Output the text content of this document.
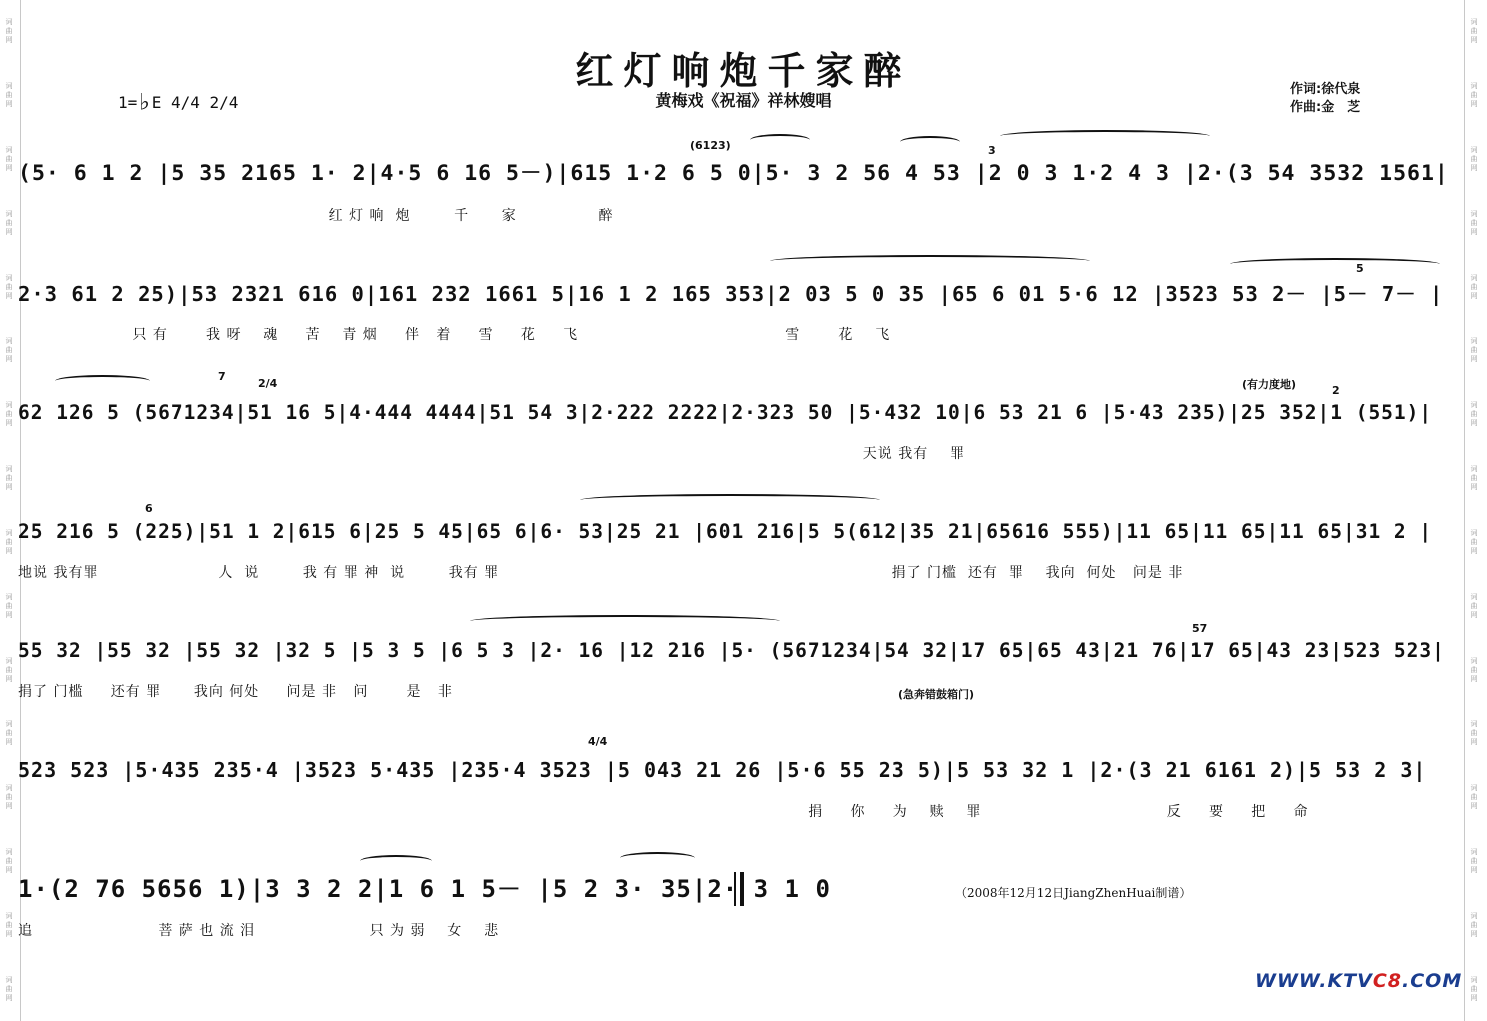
词曲网
词曲网
词曲网
词曲网
词曲网
词曲网
词曲网
词曲网
词曲网
词曲网
词曲网
词曲网
词曲网
词曲网
词曲网
词曲网
词曲网
词曲网
词曲网
词曲网
词曲网
词曲网
词曲网
词曲网
词曲网
词曲网
词曲网
词曲网
词曲网
词曲网
词曲网
词曲网
红灯响炮千家醉
黄梅戏《祝福》祥林嫂唱
作词:徐代泉
作曲:金　芝
1=♭E 4/4 2/4
(6123)	3
(5· 6 1 2 |5 35 2165 1· 2|4·5 6 16 5－)|615 1·2 6 5 0|5· 3 2 56 4 53 |2 0 3 1·2 4 3 |2·(3 54 3532 1561|
红 灯 响  炮        千      家               醉
5
2·3 61 2 25)|53 2321 616 0|161 232 1661 5|16 1 2 165 353|2 03 5 0 35 |65 6 01 5·6 12 |3523 53 2－ |5－ 7－ |
只 有       我 呀    魂     苦    青 烟     伴   着     雪     花     飞                                      雪       花    飞
7
2/4	(有力度地)	2
62 126 5 (5671234|51 16 5|4·444 4444|51 54 3|2·222 2222|2·323 50 |5·432 10|6 53 21 6 |5·43 235)|25 352|1 (551)|
天说 我有    罪
6
25 216 5 (225)|51 1 2|615 6|25 5 45|65 6|6· 53|25 21 |601 216|5 5(612|35 21|65616 555)|11 65|11 65|11 65|31 2 |
地说 我有罪                      人  说        我 有 罪 神  说        我有 罪                                                                        捐了 门槛  还有  罪    我向  何处   问是 非
57
55 32 |55 32 |55 32 |32 5 |5 3 5 |6 5 3 |2· 16 |12 216 |5· (5671234|54 32|17 65|65 43|21 76|17 65|43 23|523 523|
捐了 门槛     还有 罪      我向 何处     问是 非   问       是   非	(急奔错鼓箱门)
4/4
523 523 |5·435 235·4 |3523 5·435 |235·4 3523 |5 043 21 26 |5·6 55 23 5)|5 53 32 1 |2·(3 21 6161 2)|5 53 2 3|
捐     你     为    赎    罪                                  反     要     把     命
1·(2 76 5656 1)|3 3 2 2|1 6 1 5－ |5 2 3· 35|2· 3 1 0
追                       菩 萨 也 流 泪                     只 为 弱    女    悲
（2008年12月12日JiangZhenHuai制谱）
WWW.KTVC8.COM
